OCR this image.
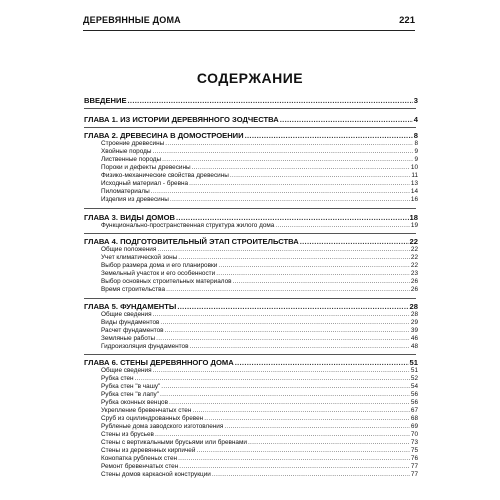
ДЕРЕВЯННЫЕ ДОМА	221
СОДЕРЖАНИЕ
ВВЕДЕНИЕ .....	3
ГЛАВА 1. ИЗ ИСТОРИИ ДЕРЕВЯННОГО ЗОДЧЕСТВА .....	4
ГЛАВА 2. ДРЕВЕСИНА В ДОМОСТРОЕНИИ .....	8
Строение древесины .....	8
Хвойные породы .....	9
Лиственные породы .....	9
Пороки и дефекты древесины .....	10
Физико-механические свойства древесины .....	11
Исходный материал - бревна .....	13
Пиломатериалы .....	14
Изделия из древесины .....	16
ГЛАВА 3. ВИДЫ ДОМОВ .....	18
Функционально-пространственная структура жилого дома .....	19
ГЛАВА 4. ПОДГОТОВИТЕЛЬНЫЙ ЭТАП СТРОИТЕЛЬСТВА .....	22
Общие положения .....	22
Учет климатической зоны .....	22
Выбор размера дома и его планировки .....	22
Земельный участок и его особенности .....	23
Выбор основных строительных материалов .....	26
Время строительства .....	26
ГЛАВА 5. ФУНДАМЕНТЫ .....	28
Общие сведения .....	28
Виды фундаментов .....	29
Расчет фундаментов .....	39
Земляные работы .....	46
Гидроизоляция фундаментов .....	48
ГЛАВА 6. СТЕНЫ ДЕРЕВЯННОГО ДОМА .....	51
Общие сведения .....	51
Рубка стен .....	52
Рубка стен "в чашу" .....	54
Рубка стен "в лапу" .....	56
Рубка оконных венцов .....	56
Укрепление бревенчатых стен .....	67
Сруб из оцилиндрованных бревен .....	68
Рубленые дома заводского изготовления .....	69
Стены из брусьев .....	70
Стены с вертикальными брусьями или бревнами .....	73
Стены из деревянных кирпичей .....	75
Конопатка рубленых стен .....	76
Ремонт бревенчатых стен .....	77
Стены домов каркасной конструкции .....	77
